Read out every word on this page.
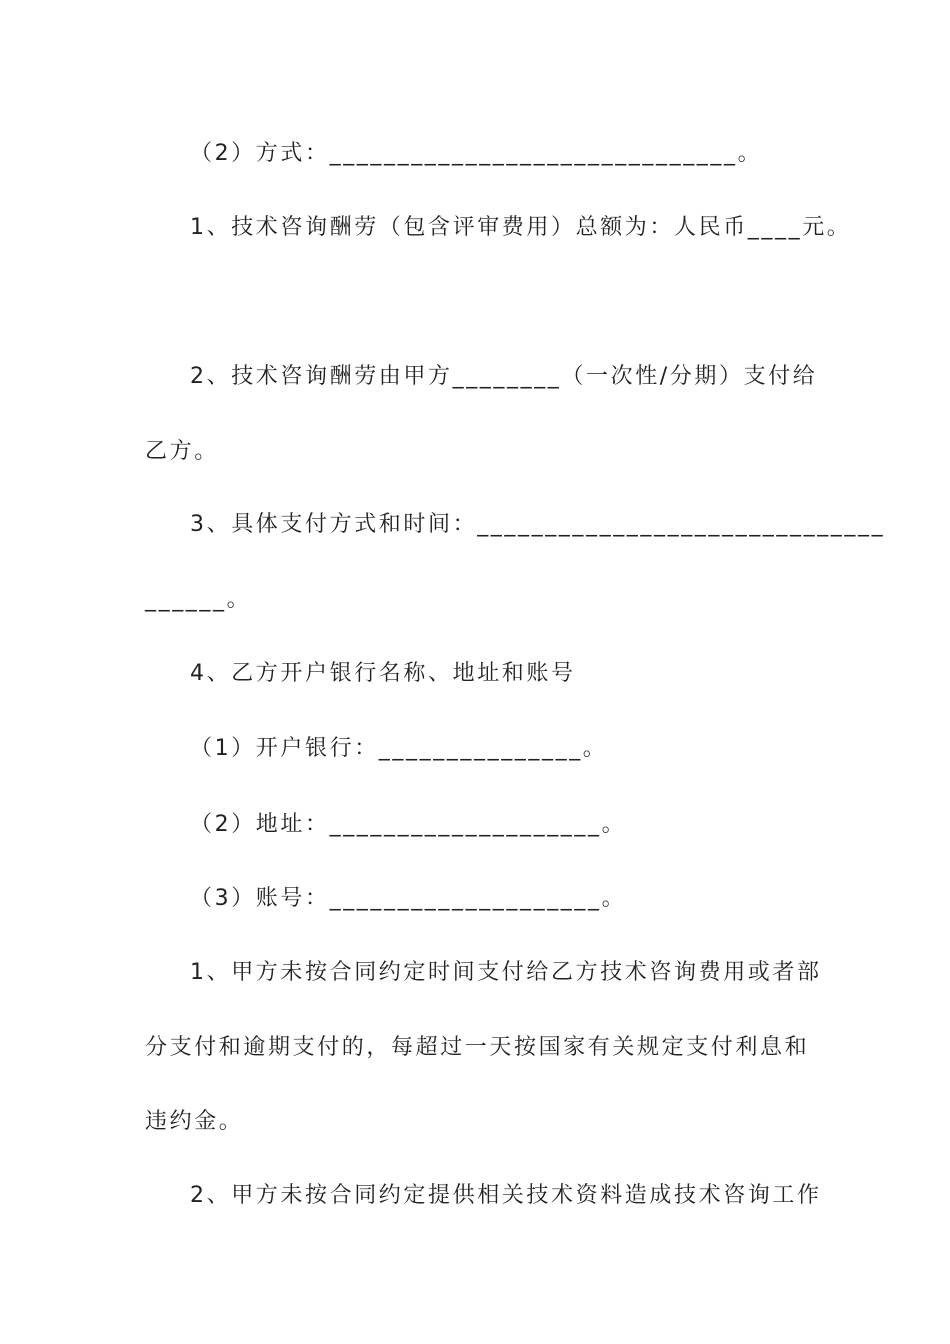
（2）方式：______________________________。
1、技术咨询酬劳（包含评审费用）总额为：人民币____元。
2、技术咨询酬劳由甲方________（一次性/分期）支付给
乙方。
3、具体支付方式和时间：______________________________
______。
4、乙方开户银行名称、地址和账号
（1）开户银行：_______________。
（2）地址：____________________。
（3）账号：____________________。
1、甲方未按合同约定时间支付给乙方技术咨询费用或者部
分支付和逾期支付的，每超过一天按国家有关规定支付利息和
违约金。
2、甲方未按合同约定提供相关技术资料造成技术咨询工作
